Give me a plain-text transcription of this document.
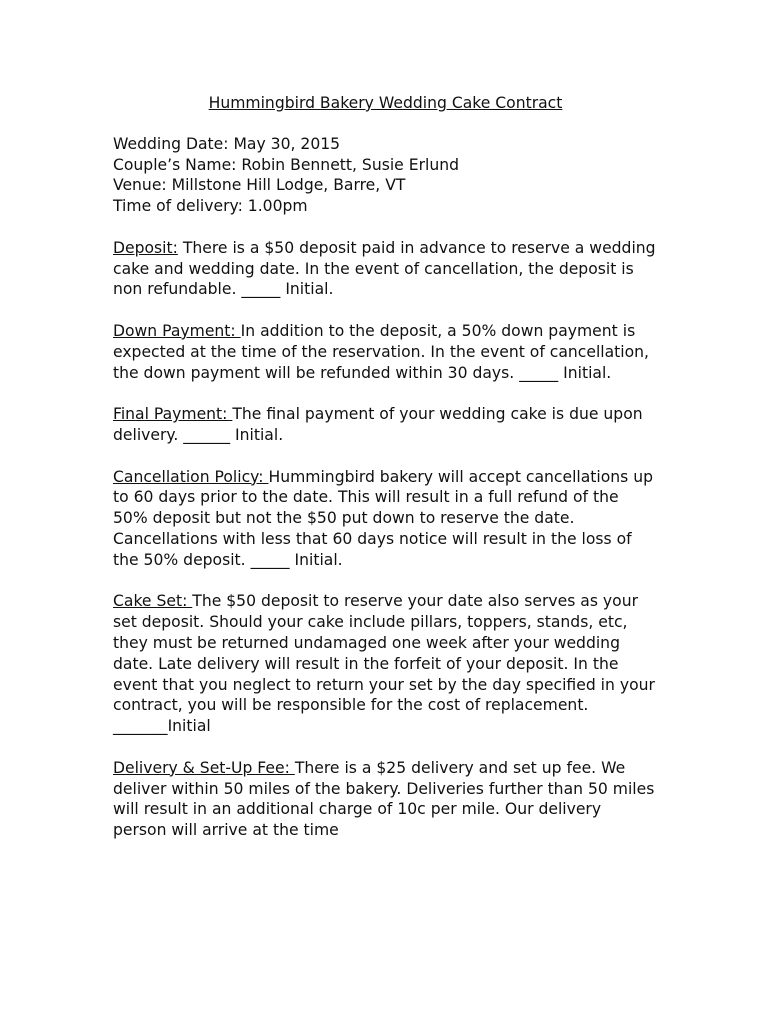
Hummingbird Bakery Wedding Cake Contract

Wedding Date: May 30, 2015

Couple’s Name: Robin Bennett, Susie Erlund

Venue: Millstone Hill Lodge, Barre, VT

Time of delivery: 1.00pm

Deposit: There is a $50 deposit paid in advance to reserve a wedding cake and wedding date. In the event of cancellation, the deposit is non refundable. _____ Initial.

Down Payment: In addition to the deposit, a 50% down payment is expected at the time of the reservation. In the event of cancellation, the down payment will be refunded within 30 days. _____ Initial.

Final Payment: The final payment of your wedding cake is due upon delivery. ______ Initial.

Cancellation Policy: Hummingbird bakery will accept cancellations up to 60 days prior to the date. This will result in a full refund of the 50% deposit but not the $50 put down to reserve the date. Cancellations with less that 60 days notice will result in the loss of the 50% deposit. _____ Initial.

Cake Set: The $50 deposit to reserve your date also serves as your set deposit. Should your cake include pillars, toppers, stands, etc, they must be returned undamaged one week after your wedding date. Late delivery will result in the forfeit of your deposit. In the event that you neglect to return your set by the day specified in your contract, you will be responsible for the cost of replacement. _______Initial

Delivery & Set-Up Fee: There is a $25 delivery and set up fee. We deliver within 50 miles of the bakery. Deliveries further than 50 miles will result in an additional charge of 10c per mile. Our delivery person will arrive at the time
